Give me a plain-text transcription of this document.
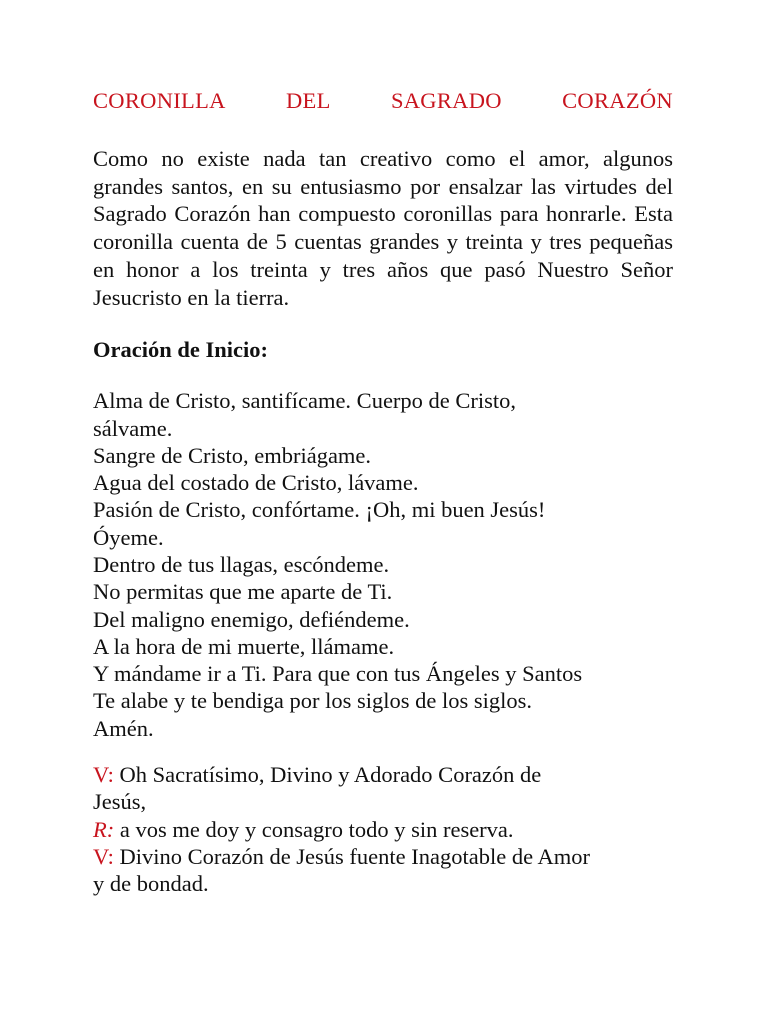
CORONILLA	DEL	SAGRADO	CORAZÓN
Como no existe nada tan creativo como el amor, algunos grandes santos, en su entusiasmo por ensalzar las virtudes del Sagrado Corazón han compuesto coronillas para honrarle. Esta coronilla cuenta de 5 cuentas grandes y treinta y tres pequeñas en honor a los treinta y tres años que pasó Nuestro Señor Jesucristo en la tierra.
Oración de Inicio:
Alma de Cristo, santifícame. Cuerpo de Cristo,
sálvame.
Sangre de Cristo, embriágame.
Agua del costado de Cristo, lávame.
Pasión de Cristo, confórtame. ¡Oh, mi buen Jesús!
Óyeme.
Dentro de tus llagas, escóndeme.
No permitas que me aparte de Ti.
Del maligno enemigo, defiéndeme.
A la hora de mi muerte, llámame.
Y mándame ir a Ti. Para que con tus Ángeles y Santos
Te alabe y te bendiga por los siglos de los siglos.
Amén.
V: Oh Sacratísimo, Divino y Adorado Corazón de
Jesús,
R: a vos me doy y consagro todo y sin reserva.
V: Divino Corazón de Jesús fuente Inagotable de Amor
y de bondad.
